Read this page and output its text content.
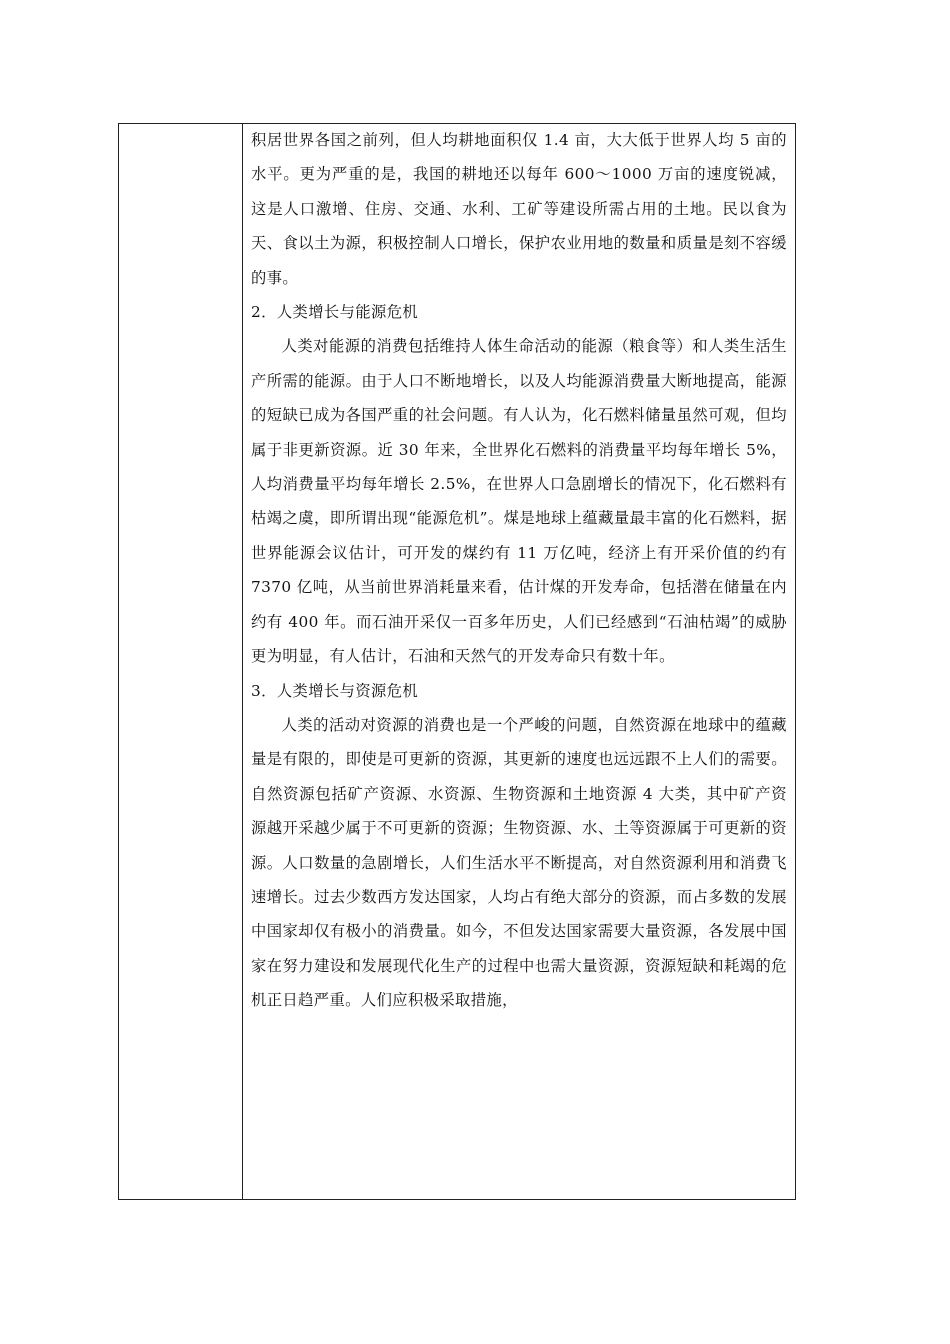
积居世界各国之前列，但人均耕地面积仅 1.4 亩，大大低于世界人均 5 亩的水平。更为严重的是，我国的耕地还以每年 600～1000 万亩的速度锐减，这是人口激增、住房、交通、水利、工矿等建设所需占用的土地。民以食为天、食以土为源，积极控制人口增长，保护农业用地的数量和质量是刻不容缓的事。

2．人类增长与能源危机

人类对能源的消费包括维持人体生命活动的能源（粮食等）和人类生活生产所需的能源。由于人口不断地增长，以及人均能源消费量大断地提高，能源的短缺已成为各国严重的社会问题。有人认为，化石燃料储量虽然可观，但均属于非更新资源。近 30 年来，全世界化石燃料的消费量平均每年增长 5%，人均消费量平均每年增长 2.5%，在世界人口急剧增长的情况下，化石燃料有枯竭之虞，即所谓出现“能源危机”。煤是地球上蕴藏量最丰富的化石燃料，据世界能源会议估计，可开发的煤约有 11 万亿吨，经济上有开采价值的约有 7370 亿吨，从当前世界消耗量来看，估计煤的开发寿命，包括潜在储量在内约有 400 年。而石油开采仅一百多年历史，人们已经感到“石油枯竭”的威胁更为明显，有人估计，石油和天然气的开发寿命只有数十年。

3．人类增长与资源危机

人类的活动对资源的消费也是一个严峻的问题，自然资源在地球中的蕴藏量是有限的，即使是可更新的资源，其更新的速度也远远跟不上人们的需要。自然资源包括矿产资源、水资源、生物资源和土地资源 4 大类，其中矿产资源越开采越少属于不可更新的资源；生物资源、水、土等资源属于可更新的资源。人口数量的急剧增长，人们生活水平不断提高，对自然资源利用和消费飞速增长。过去少数西方发达国家，人均占有绝大部分的资源，而占多数的发展中国家却仅有极小的消费量。如今，不但发达国家需要大量资源，各发展中国家在努力建设和发展现代化生产的过程中也需大量资源，资源短缺和耗竭的危机正日趋严重。人们应积极采取措施，
